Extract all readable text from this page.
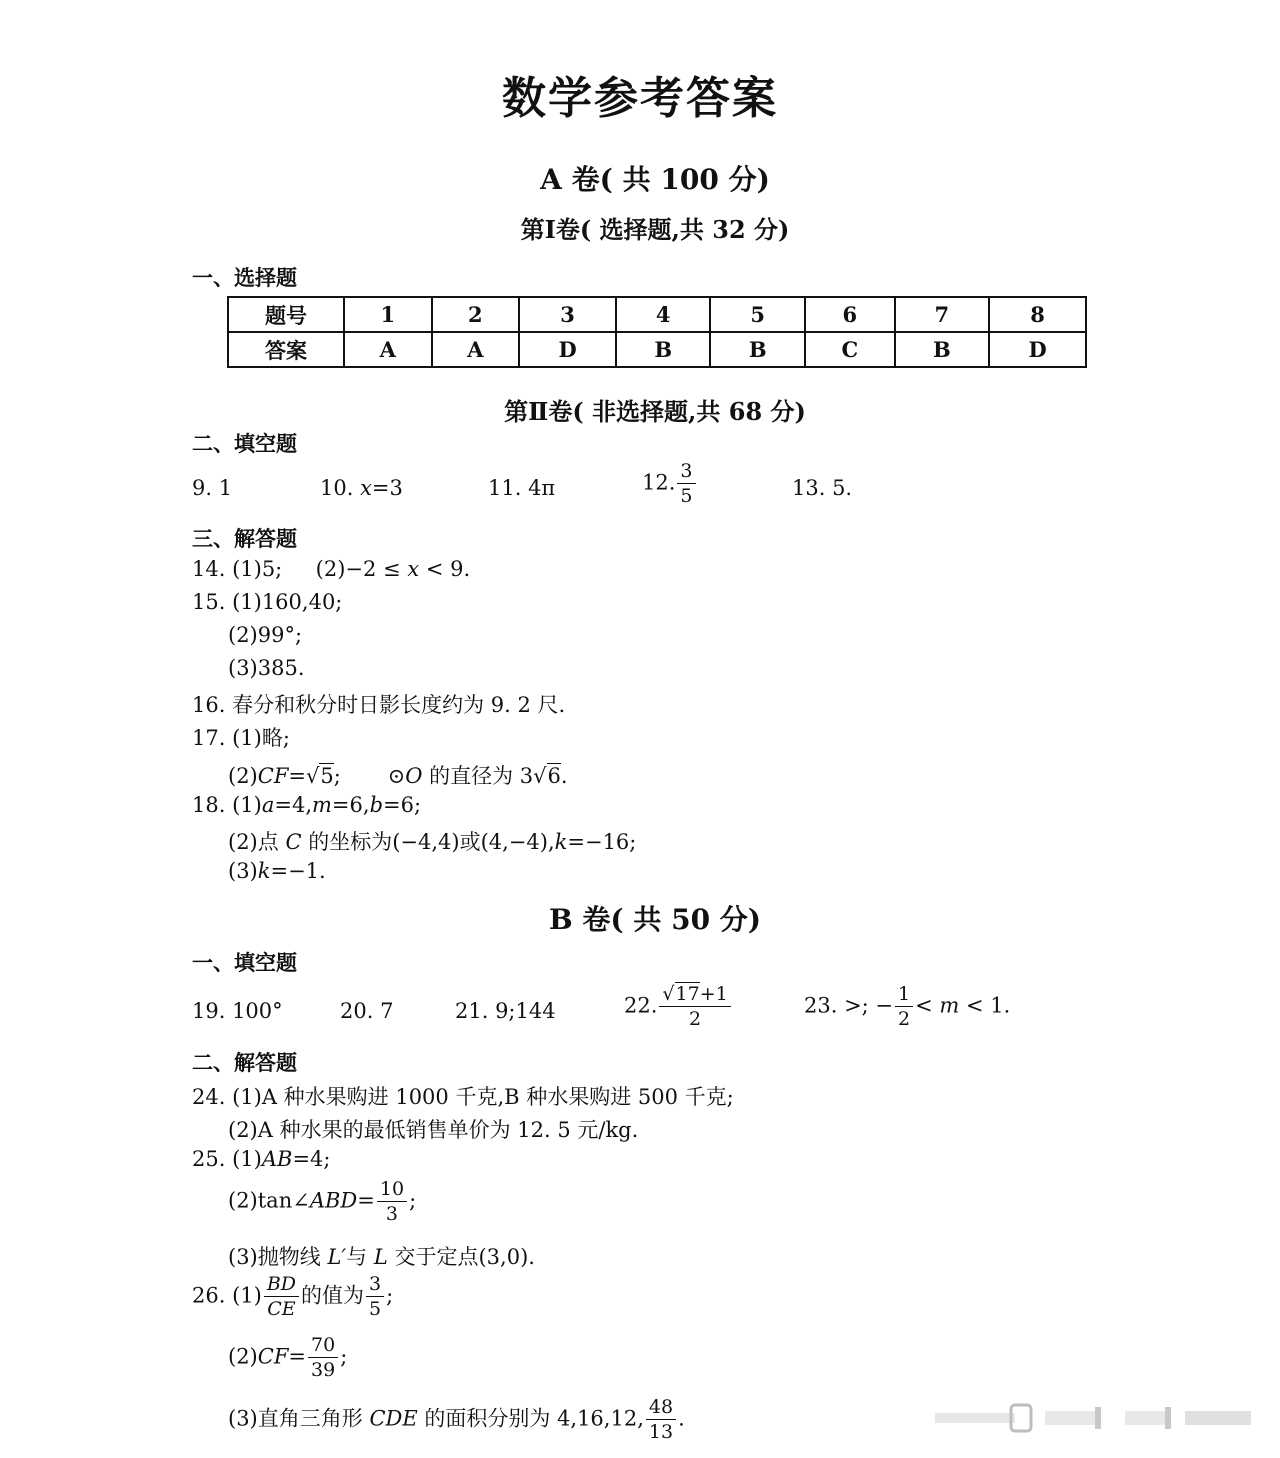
数学参考答案
A 卷( 共 100 分)
第Ⅰ卷( 选择题,共 32 分)
一、选择题
题号	1	2	3	4	5	6	7	8
答案	A	A	D	B	B	C	B	D
第Ⅱ卷( 非选择题,共 68 分)
二、填空题
9. 1	10. x=3	11. 4π	12. $\frac{3}{5}$	13. 5.
三、解答题
14. (1)5; (2)−2 ≤ x < 9.
15. (1)160,40;
(2)99°;
(3)385.
16. 春分和秋分时日影长度约为 9. 2 尺.
17. (1)略;
(2)CF=√5; ⊙O 的直径为 3√6.
18. (1)a=4,m=6,b=6;
(2)点 C 的坐标为(−4,4)或(4,−4),k=−16;
(3)k=−1.
B 卷( 共 50 分)
一、填空题
19. 100°	20. 7	21. 9;144	22. $\frac{√17+1}{2}$	23. >; − $\frac{1}{2} < m < 1$.
二、解答题
24. (1)A 种水果购进 1000 千克,B 种水果购进 500 千克;
(2)A 种水果的最低销售单价为 12. 5 元/kg.
25. (1)AB=4;
(2)tan∠ABD= $\frac{10}{3}$ ;
(3)抛物线 L′与 L 交于定点(3,0).
26. $(1) \frac{BD}{CE}$ 的值为 $\frac{3}{5}$ ;
$(2)CF= \frac{70}{39}$ ;
(3)直角三角形 CDE 的面积分别为 4,16,12, $\frac{48}{13}$ .
